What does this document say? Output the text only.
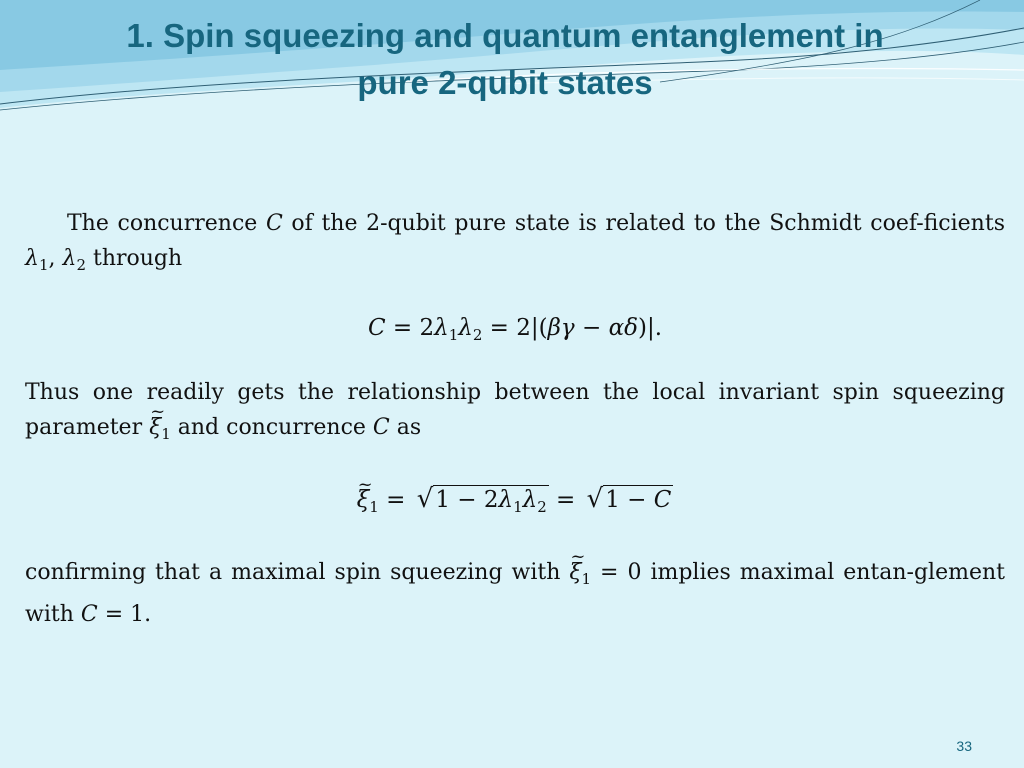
1. Spin squeezing and quantum entanglement in
pure 2-qubit states

The concurrence C of the 2-qubit pure state is related to the Schmidt coef-ficients $\lambda_1$, $\lambda_2$ through

$C = 2\lambda_1\lambda_2 = 2|(\beta\gamma - \alpha\delta)|$.

Thus one readily gets the relationship between the local invariant spin squeezing parameter
~
$\xi_1$ and concurrence C as

~
$\xi_1 = √1 - 2\lambda_1\lambda_2 = √1 - C$

confirming that a maximal spin squeezing with
~
$\xi_1 = 0$ implies maximal entan-glement with C = 1.

33
